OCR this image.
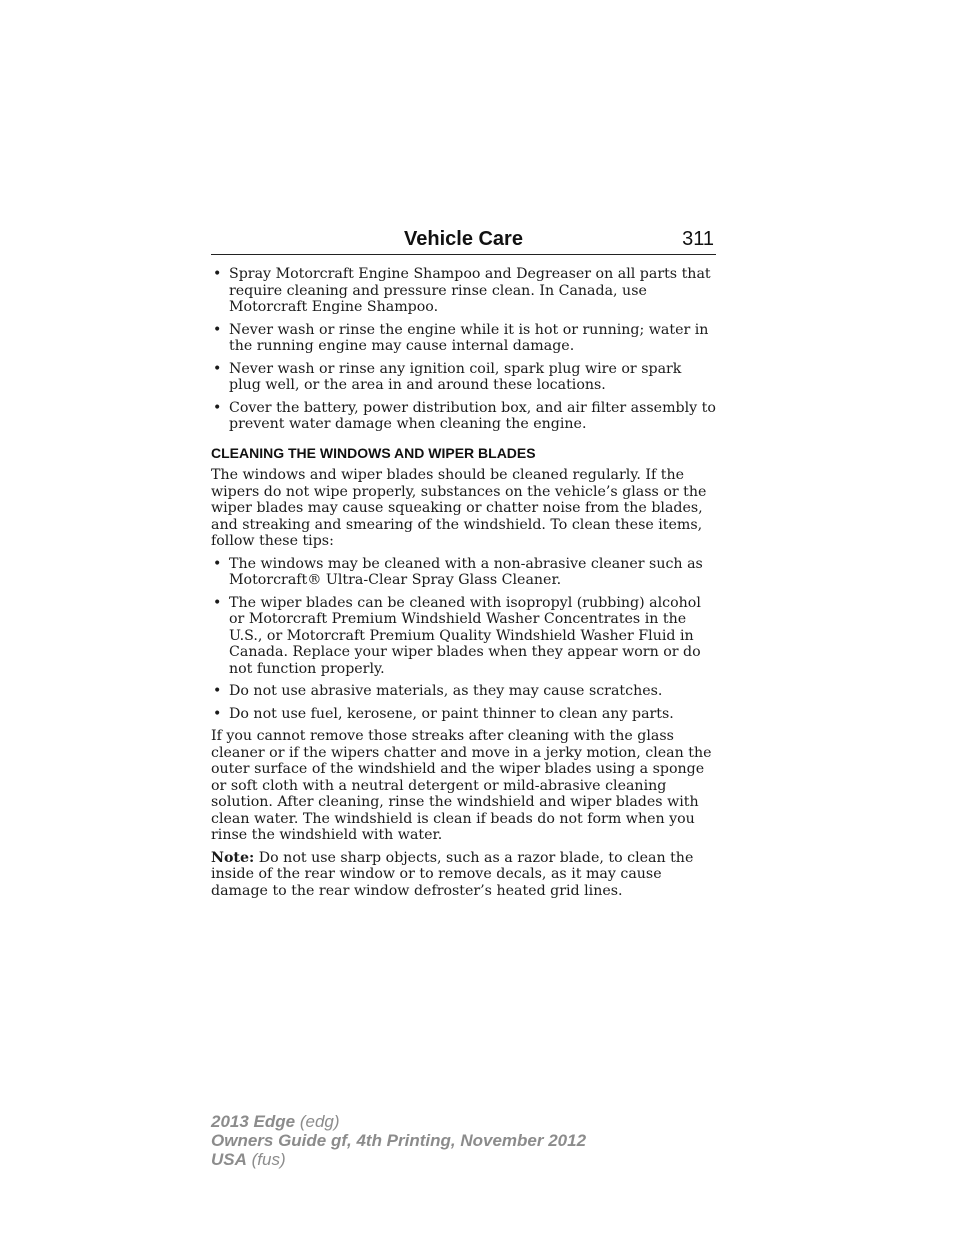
Vehicle Care	311
• Spray Motorcraft Engine Shampoo and Degreaser on all parts that require cleaning and pressure rinse clean. In Canada, use Motorcraft Engine Shampoo.
• Never wash or rinse the engine while it is hot or running; water in the running engine may cause internal damage.
• Never wash or rinse any ignition coil, spark plug wire or spark plug well, or the area in and around these locations.
• Cover the battery, power distribution box, and air filter assembly to prevent water damage when cleaning the engine.
CLEANING THE WINDOWS AND WIPER BLADES

The windows and wiper blades should be cleaned regularly. If the wipers do not wipe properly, substances on the vehicle’s glass or the wiper blades may cause squeaking or chatter noise from the blades, and streaking and smearing of the windshield. To clean these items, follow these tips:

• The windows may be cleaned with a non-abrasive cleaner such as Motorcraft® Ultra-Clear Spray Glass Cleaner.
• The wiper blades can be cleaned with isopropyl (rubbing) alcohol or Motorcraft Premium Windshield Washer Concentrates in the U.S., or Motorcraft Premium Quality Windshield Washer Fluid in Canada. Replace your wiper blades when they appear worn or do not function properly.
• Do not use abrasive materials, as they may cause scratches.
• Do not use fuel, kerosene, or paint thinner to clean any parts.

If you cannot remove those streaks after cleaning with the glass cleaner or if the wipers chatter and move in a jerky motion, clean the outer surface of the windshield and the wiper blades using a sponge or soft cloth with a neutral detergent or mild-abrasive cleaning solution. After cleaning, rinse the windshield and wiper blades with clean water. The windshield is clean if beads do not form when you rinse the windshield with water.

Note: Do not use sharp objects, such as a razor blade, to clean the inside of the rear window or to remove decals, as it may cause damage to the rear window defroster’s heated grid lines.

2013 Edge (edg)
Owners Guide gf, 4th Printing, November 2012
USA (fus)
